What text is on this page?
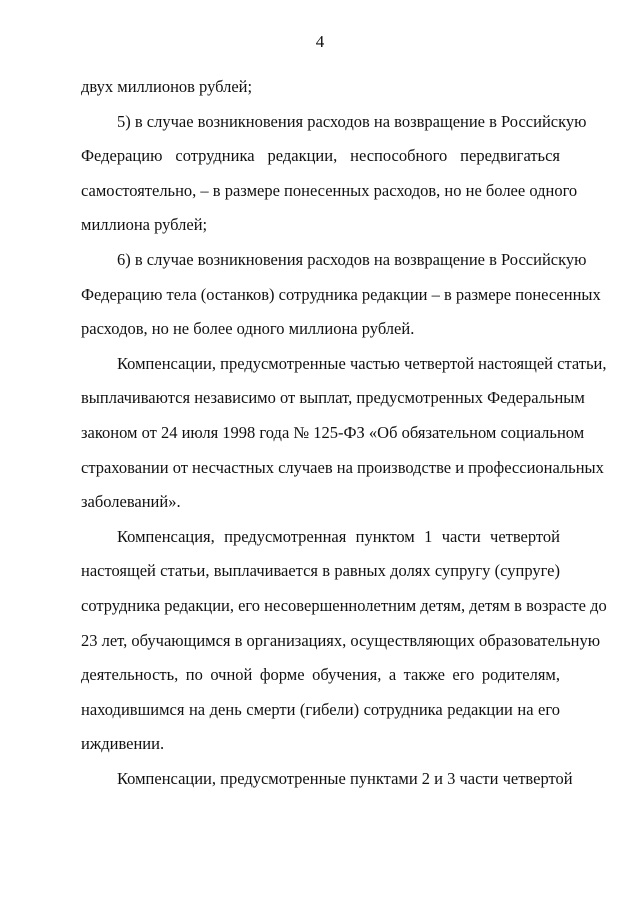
4
двух миллионов рублей;
5) в случае возникновения расходов на возвращение в Российскую
Федерацию сотрудника редакции, неспособного передвигаться
самостоятельно, – в размере понесенных расходов, но не более одного
миллиона рублей;
6) в случае возникновения расходов на возвращение в Российскую
Федерацию тела (останков) сотрудника редакции – в размере понесенных
расходов, но не более одного миллиона рублей.
Компенсации, предусмотренные частью четвертой настоящей статьи,
выплачиваются независимо от выплат, предусмотренных Федеральным
законом от 24 июля 1998 года № 125-ФЗ «Об обязательном социальном
страховании от несчастных случаев на производстве и профессиональных
заболеваний».
Компенсация, предусмотренная пунктом 1 части четвертой
настоящей статьи, выплачивается в равных долях супругу (супруге)
сотрудника редакции, его несовершеннолетним детям, детям в возрасте до
23 лет, обучающимся в организациях, осуществляющих образовательную
деятельность, по очной форме обучения, а также его родителям,
находившимся на день смерти (гибели) сотрудника редакции на его
иждивении.
Компенсации, предусмотренные пунктами 2 и 3 части четвертой
